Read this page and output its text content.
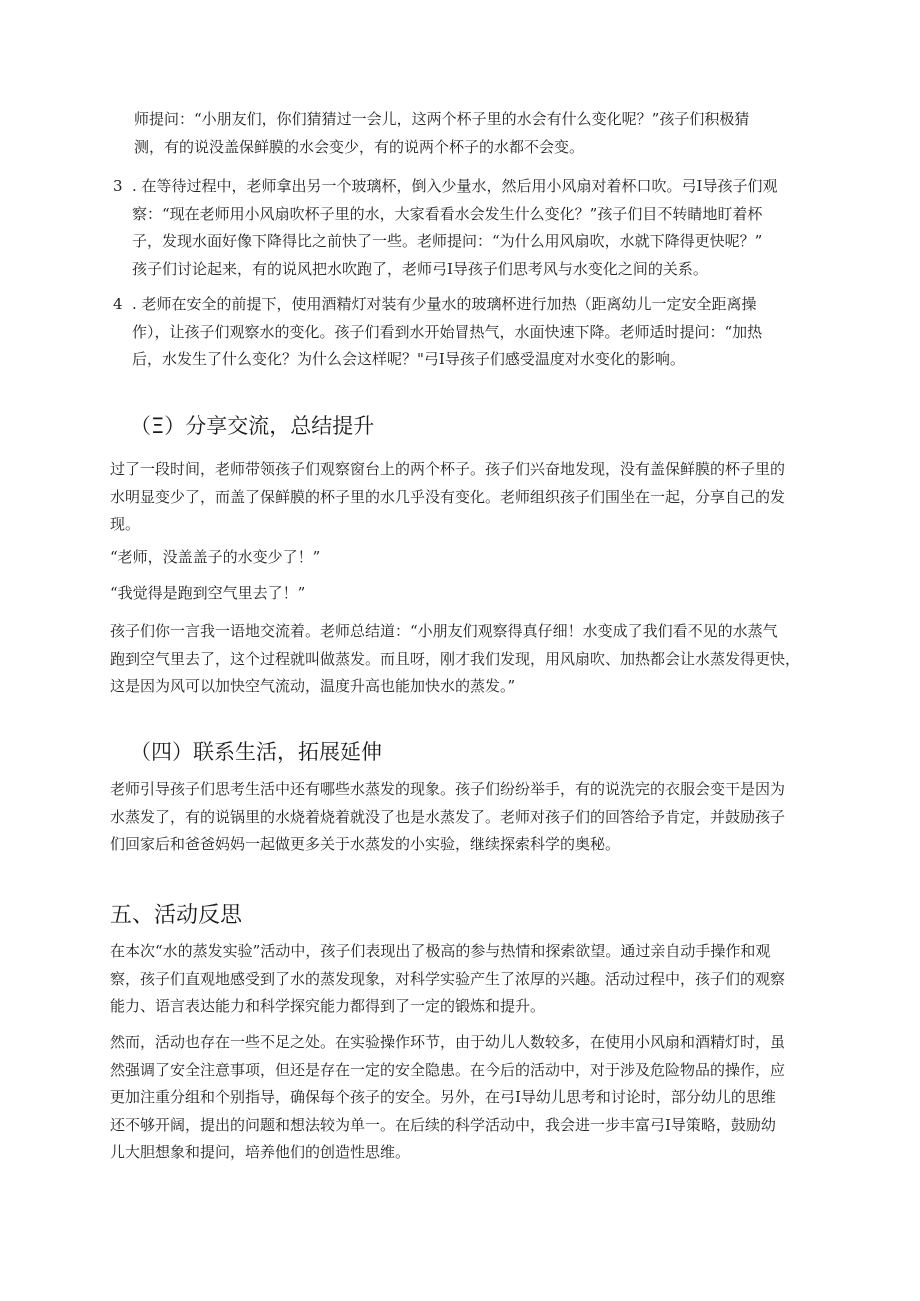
师提问：“小朋友们，你们猜猜过一会儿，这两个杯子里的水会有什么变化呢？”孩子们积极猜
测，有的说没盖保鲜膜的水会变少，有的说两个杯子的水都不会变。
3 . 在等待过程中，老师拿出另一个玻璃杯，倒入少量水，然后用小风扇对着杯口吹。弓I导孩子们观
察：“现在老师用小风扇吹杯子里的水，大家看看水会发生什么变化？”孩子们目不转睛地盯着杯
子，发现水面好像下降得比之前快了一些。老师提问：“为什么用风扇吹，水就下降得更快呢？”
孩子们讨论起来，有的说风把水吹跑了，老师弓I导孩子们思考风与水变化之间的关系。
4 . 老师在安全的前提下，使用酒精灯对装有少量水的玻璃杯进行加热（距离幼儿一定安全距离操
作），让孩子们观察水的变化。孩子们看到水开始冒热气，水面快速下降。老师适时提问：“加热
后，水发生了什么变化？为什么会这样呢？"弓I导孩子们感受温度对水变化的影响。
（Ξ）分享交流，总结提升
过了一段时间，老师带领孩子们观察窗台上的两个杯子。孩子们兴奋地发现，没有盖保鲜膜的杯子里的
水明显变少了，而盖了保鲜膜的杯子里的水几乎没有变化。老师组织孩子们围坐在一起，分享自己的发
现。
“老师，没盖盖子的水变少了！”
“我觉得是跑到空气里去了！”
孩子们你一言我一语地交流着。老师总结道：“小朋友们观察得真仔细！水变成了我们看不见的水蒸气
跑到空气里去了，这个过程就叫做蒸发。而且呀，刚才我们发现，用风扇吹、加热都会让水蒸发得更快，
这是因为风可以加快空气流动，温度升高也能加快水的蒸发。”
（四）联系生活，拓展延伸
老师引导孩子们思考生活中还有哪些水蒸发的现象。孩子们纷纷举手，有的说洗完的衣服会变干是因为
水蒸发了，有的说锅里的水烧着烧着就没了也是水蒸发了。老师对孩子们的回答给予肯定，并鼓励孩子
们回家后和爸爸妈妈一起做更多关于水蒸发的小实验，继续探索科学的奥秘。
五、活动反思
在本次“水的蒸发实验”活动中，孩子们表现出了极高的参与热情和探索欲望。通过亲自动手操作和观
察，孩子们直观地感受到了水的蒸发现象，对科学实验产生了浓厚的兴趣。活动过程中，孩子们的观察
能力、语言表达能力和科学探究能力都得到了一定的锻炼和提升。
然而，活动也存在一些不足之处。在实验操作环节，由于幼儿人数较多，在使用小风扇和酒精灯时，虽
然强调了安全注意事项，但还是存在一定的安全隐患。在今后的活动中，对于涉及危险物品的操作，应
更加注重分组和个别指导，确保每个孩子的安全。另外，在弓I导幼儿思考和讨论时，部分幼儿的思维
还不够开阔，提出的问题和想法较为单一。在后续的科学活动中，我会进一步丰富弓I导策略，鼓励幼
儿大胆想象和提问，培养他们的创造性思维。
